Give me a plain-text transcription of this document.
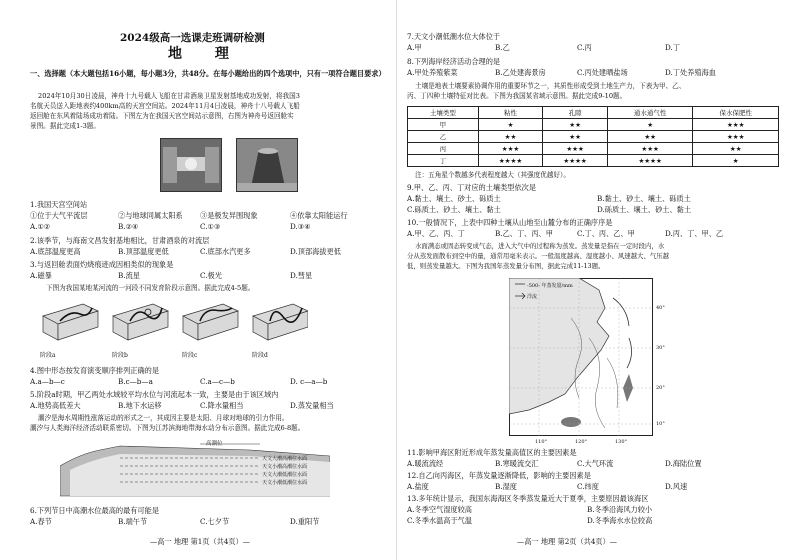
2024级高一选课走班调研检测
地 理
一、选择题（本大题包括16小题，每小题3分，共48分。在每小题给出的四个选项中，只有一项符合题目要求）
2024年10月30日凌晨，神舟十九号载人飞船在甘肃酒泉卫星发射基地成功发射，将我国3
名航天员送入距地表约400km高的天宫空间站。2024年11月4日凌晨，神舟十八号载人飞船
返回舱在东风着陆场成功着陆。下图左为在我国天宫空间站示意图，右图为神舟号返回舱实
景图。据此完成1-3题。
1.我国天宫空间站
①位于大气平流层	②与地球同属太阳系 ③是极发异围现象	④依靠太阳能运行
A.①②	B.②④	C.①③	D.③④
2.该季节，与海南文昌发射基地相比，甘肃酒泉的对流层
A.底部温度更高	B.顶部温度更低	C.底部水汽更多	D.顶部海拔更低
3.与返回舱表面灼烧痕迹成因相类似的现象是
A.磁暴	B.流星	C.极光	D.彗星
下图为我国某地某河流的一河段不同发育阶段示意图。据此完成4-5题。
阶段a	阶段b	阶段c	阶段d
4.图中形态按发育演变顺序排列正确的是
A.a—b—c	B.c—b—a	C.a—c—b	D. c—a—b
5.阶段a时期，甲乙两处水域较平均水位与河流起本一致，主要是由于该区域内
A.地势高低差大	B.地下水运移	C.降水量相当	D.蒸发量相当
潮汐是海水周期性涨落运动的形式之一，其成因主要是太阳、月球对地球的引力作用。
潮汐与人类海洋经济活动联系密切。下图为江苏滨海地带海水动分布示意图。据此完成6-8题。
高潮位
天文大潮高潮位水面
天文小潮高潮位水面
天文大潮低潮位水面
天文小潮低潮位水面
6.下列节日中高潮水位最高的最有可能是
A.春节	B.端午节	C.七夕节	D.重阳节
—高一 地理 第1页（共4页）—
7.天文小潮低潮水位大体位于
A.甲	B.乙	C.丙	D.丁
8.下列海岸经济活动合理的是
A.甲处养殖紫菜	B.乙处建海景房	C.丙处建晒盐场	D.丁处养殖海血
土壤是地表土壤要素协调作用的重要环节之一，其质性形成受到土地生产力，下表为甲、乙、
丙、丁四种土壤特征对比表。下图为我国某省域示意图。据此完成9-10题。
土壤类型	粘性	孔隙	通水通气性	保水保肥性
甲	★	★★	★	★★★
乙	★★	★★	★★	★★★
丙	★★★	★★★	★★★	★★
丁	★★★★	★★★★	★★★★	★
注：五角星个数越多代表程度越大（其强度优越好）。
9.甲、乙、丙、丁对应的土壤类型依次是
A.黏土、壤土、砂土、砾质土	B.黏土、砂土、壤土、砾质土
C.砾质土、砂土、壤土、黏土	D.砾质土、壤土、砂土、黏土
10.一般情况下，上表中四种土壤从山地至山麓分布的正确序序是
A.甲、乙、丙、丁	B.乙、丁、丙、甲	C.丁、丙、乙、甲	D.丙、丁、甲、乙
水面满态或固态转变成气态，进入大气中的过程称为蒸发。蒸发量是指在一定时段内，水
分从蒸发面散布到空中的量，通常用毫米表示。一般温度越高、湿度越小、风速越大、气压越
低，则蒸发量越大。下图为我国年蒸发量分布图，据此完成11-13题。
-500- 年蒸发量/mm
洋流
40°
30°
20°
10°
110°	120°	130°
11.影响甲海区附近形成年蒸发量高值区的主要因素是
A.暖流流经	B.寒暖流交汇	C.大气环流	D.海陆位置
12.自乙向丙海区，年蒸发量逐渐降低，影响的主要因素是
A.盐度	B.湿度	C.纬度	D.风速
13.多年统计显示，我国东海海区冬季蒸发量近大于夏季，主要原因最该海区
A.冬季空气湿度较高	B.冬季沿海风力较小
C.冬季水温高于气温	D.冬季海水水位较高
—高一 地理 第2页（共4页）—
